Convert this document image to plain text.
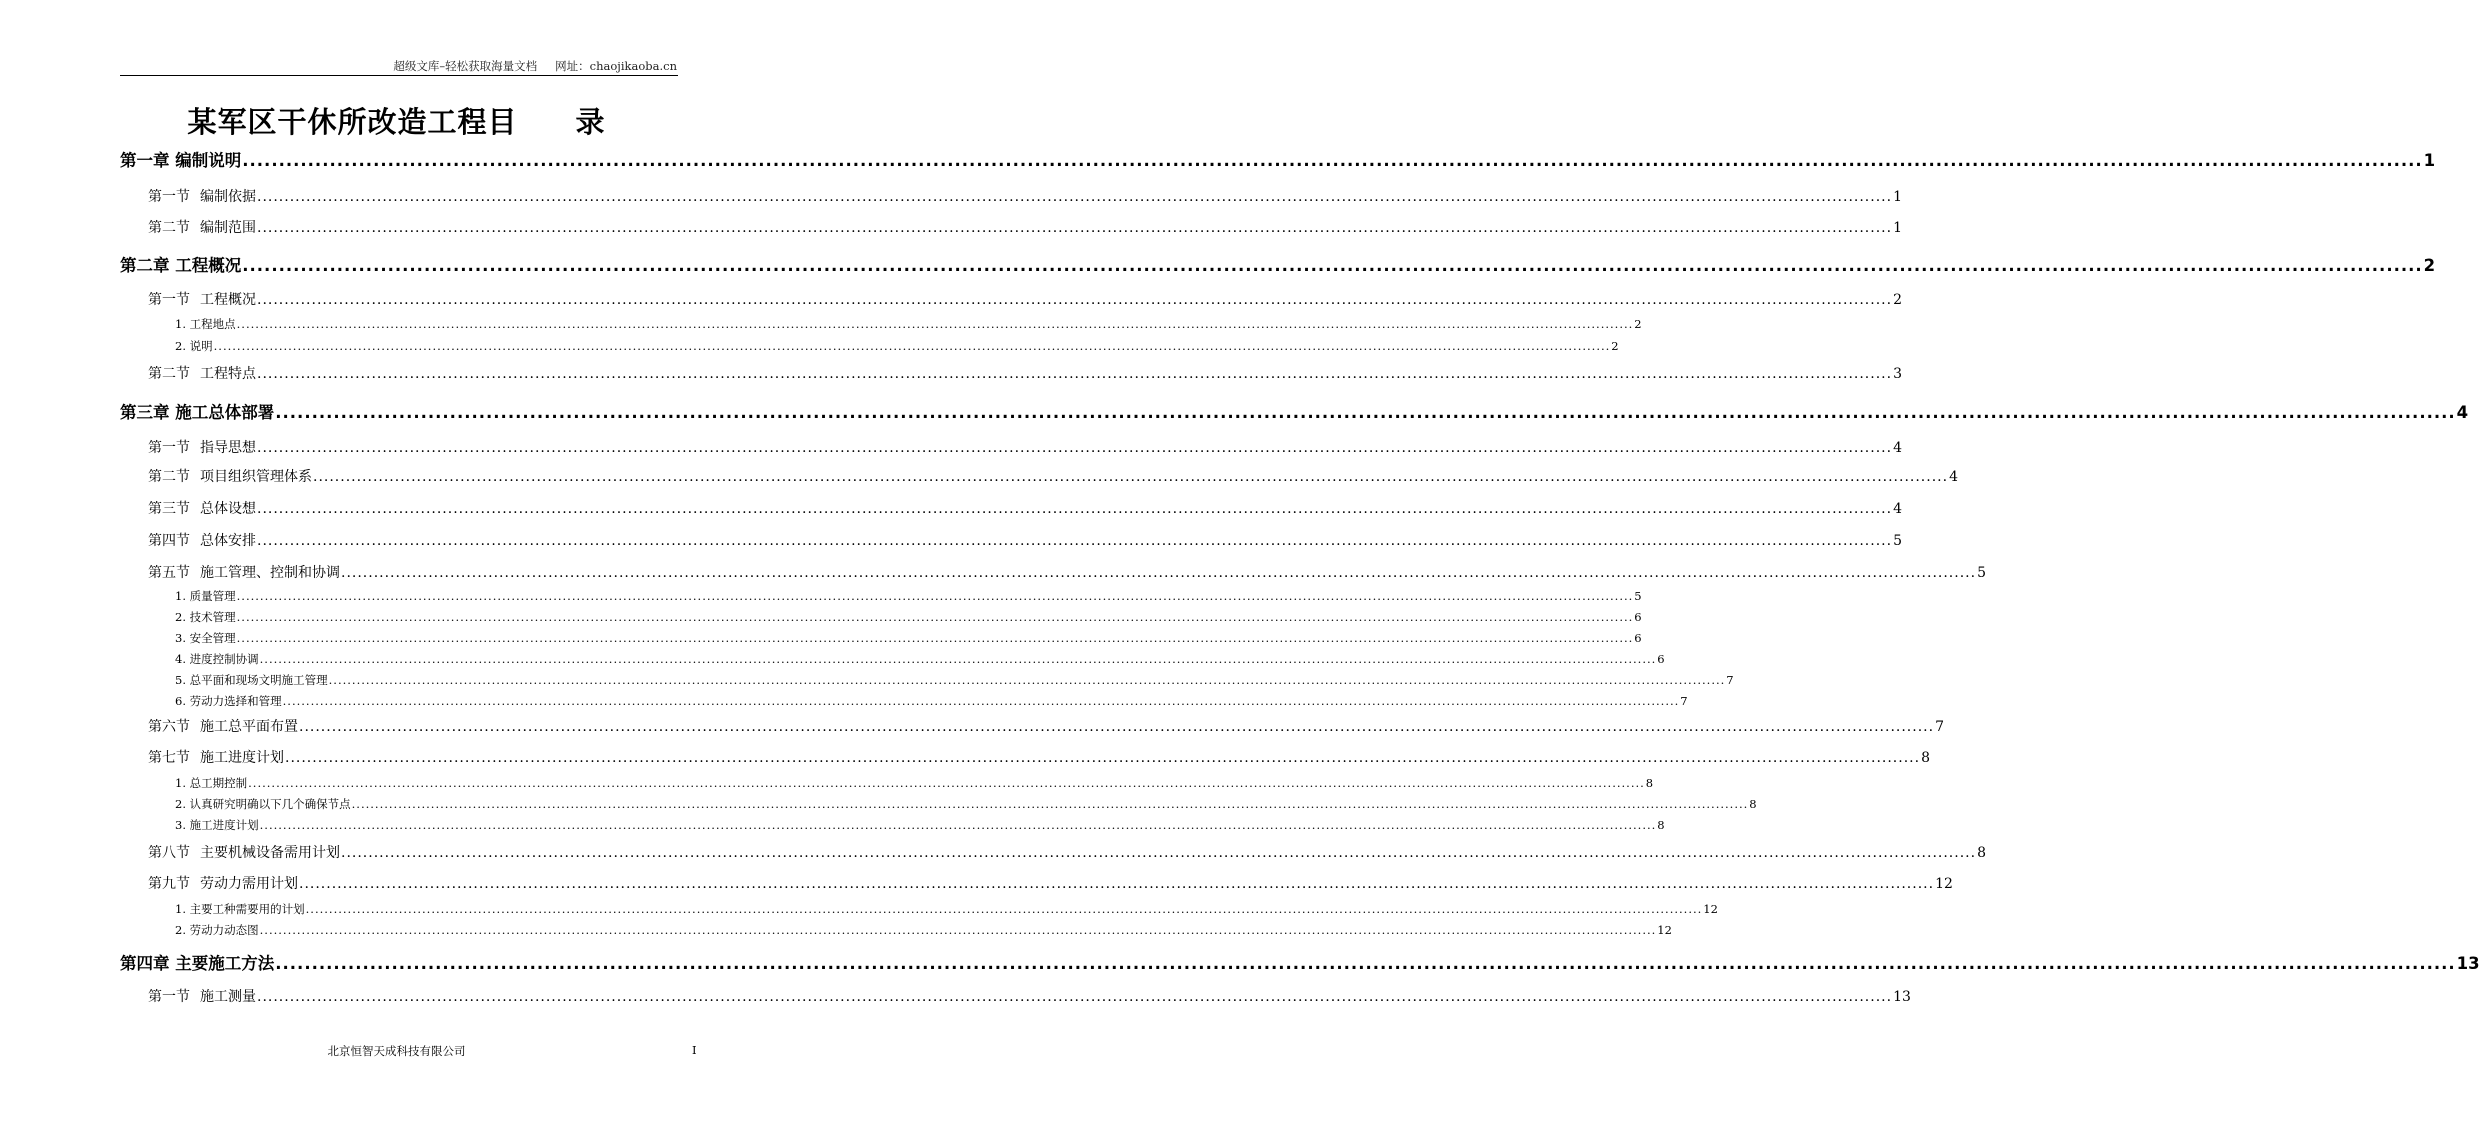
超级文库–轻松获取海量文档 网址：chaojikaoba.cn
某军区干休所改造工程目 录
第一章 编制说明 ............................................................................................................................................................................................................................................................................................................ 1
第一节 编制依据 ............................................................................................................................................................................................................................................................................................................ 1
第二节 编制范围 ............................................................................................................................................................................................................................................................................................................ 1
第二章 工程概况 ............................................................................................................................................................................................................................................................................................................ 2
第一节 工程概况 ............................................................................................................................................................................................................................................................................................................ 2
1. 工程地点 ............................................................................................................................................................................................................................................................................................................ 2
2. 说明 ............................................................................................................................................................................................................................................................................................................ 2
第二节 工程特点 ............................................................................................................................................................................................................................................................................................................ 3
第三章 施工总体部署 ............................................................................................................................................................................................................................................................................................................ 4
第一节 指导思想 ............................................................................................................................................................................................................................................................................................................ 4
第二节 项目组织管理体系 ............................................................................................................................................................................................................................................................................................................ 4
第三节 总体设想 ............................................................................................................................................................................................................................................................................................................ 4
第四节 总体安排 ............................................................................................................................................................................................................................................................................................................ 5
第五节 施工管理、控制和协调 ............................................................................................................................................................................................................................................................................................................ 5
1. 质量管理 ............................................................................................................................................................................................................................................................................................................ 5
2. 技术管理 ............................................................................................................................................................................................................................................................................................................ 6
3. 安全管理 ............................................................................................................................................................................................................................................................................................................ 6
4. 进度控制协调 ............................................................................................................................................................................................................................................................................................................ 6
5. 总平面和现场文明施工管理 ............................................................................................................................................................................................................................................................................................................ 7
6. 劳动力选择和管理 ............................................................................................................................................................................................................................................................................................................ 7
第六节 施工总平面布置 ............................................................................................................................................................................................................................................................................................................ 7
第七节 施工进度计划 ............................................................................................................................................................................................................................................................................................................ 8
1. 总工期控制 ............................................................................................................................................................................................................................................................................................................ 8
2. 认真研究明确以下几个确保节点 ............................................................................................................................................................................................................................................................................................................ 8
3. 施工进度计划 ............................................................................................................................................................................................................................................................................................................ 8
第八节 主要机械设备需用计划 ............................................................................................................................................................................................................................................................................................................ 8
第九节 劳动力需用计划 ............................................................................................................................................................................................................................................................................................................ 12
1. 主要工种需要用的计划 ............................................................................................................................................................................................................................................................................................................ 12
2. 劳动力动态图 ............................................................................................................................................................................................................................................................................................................ 12
第四章 主要施工方法 ............................................................................................................................................................................................................................................................................................................ 13
第一节 施工测量 ............................................................................................................................................................................................................................................................................................................ 13
北京恒智天成科技有限公司	I
